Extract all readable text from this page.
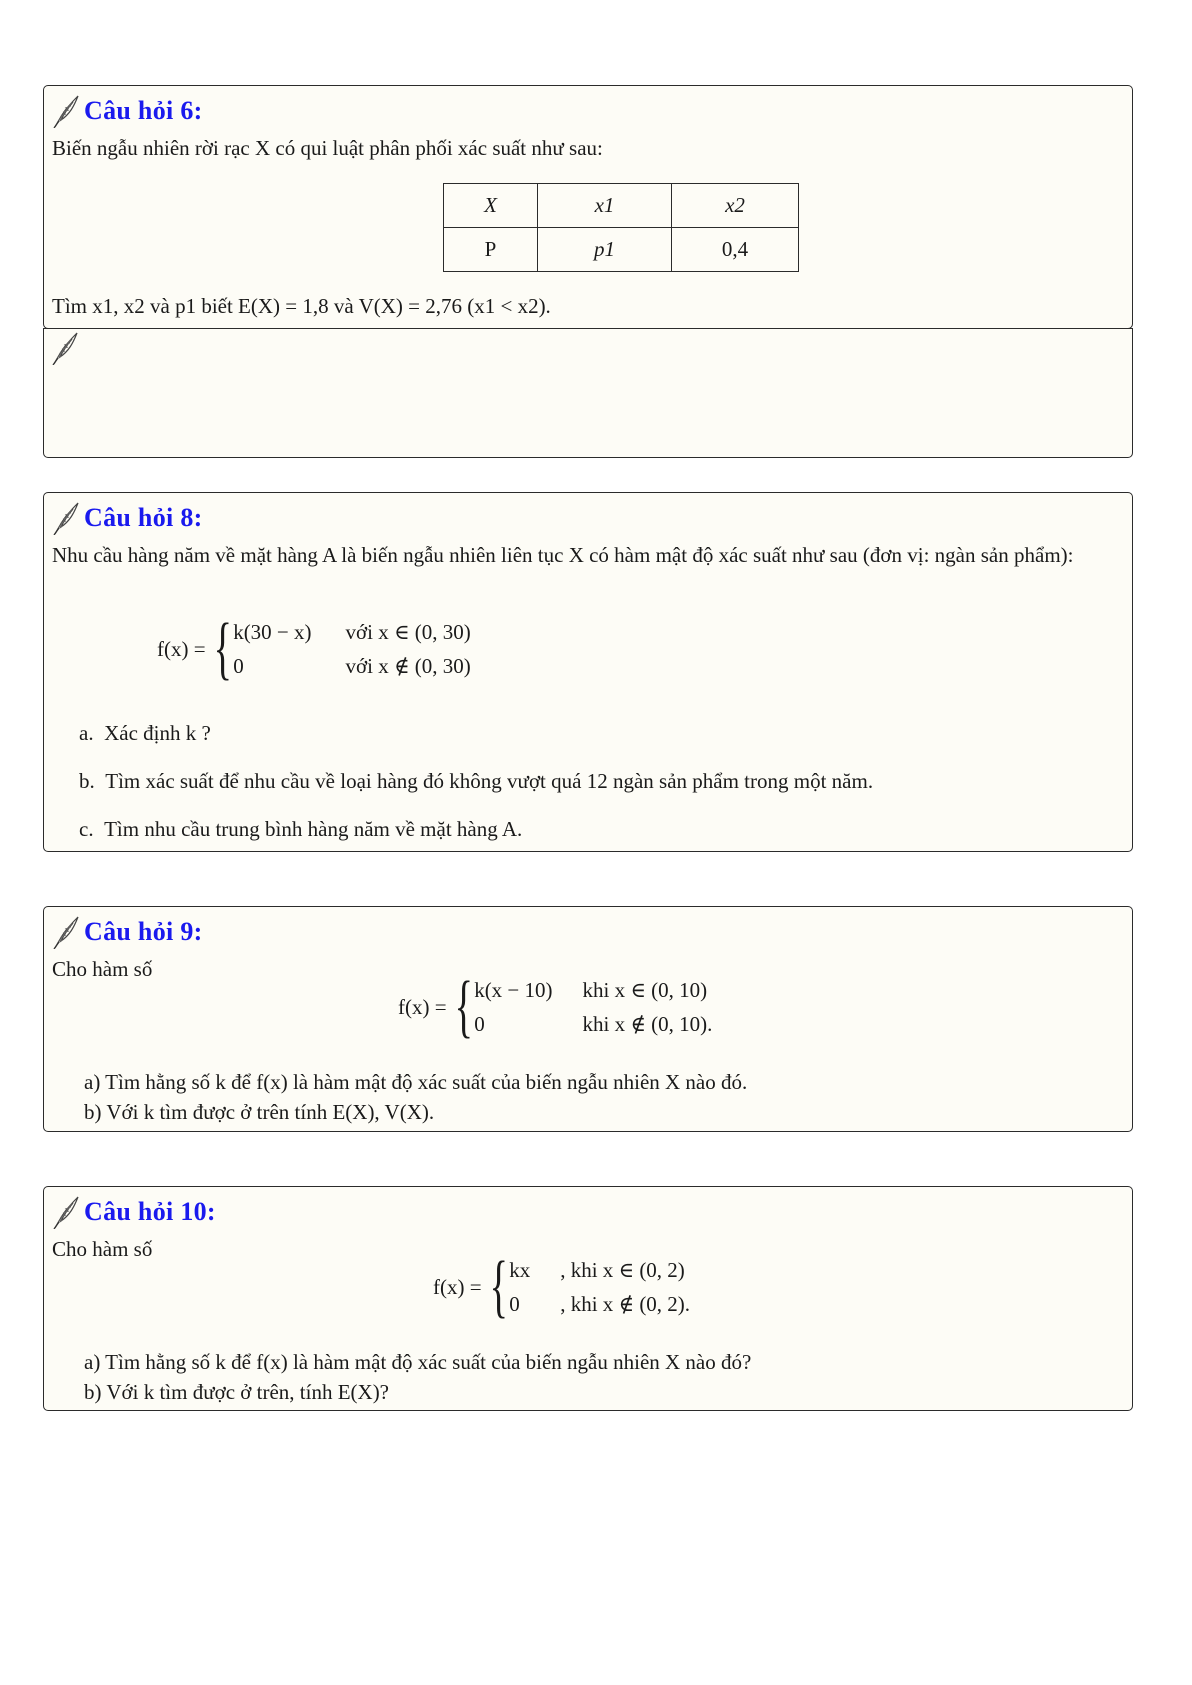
Câu hỏi 6:
Biến ngẫu nhiên rời rạc X có qui luật phân phối xác suất như sau:
X	x1	x2
P	p1	0,4
Tìm x1, x2 và p1 biết E(X) = 1,8 và V(X) = 2,76 (x1 < x2).
Câu hỏi 8:
Nhu cầu hàng năm về mặt hàng A là biến ngẫu nhiên liên tục X có hàm mật độ xác suất như sau (đơn vị: ngàn sản phẩm):
f(x) = { k(30 − x) với x ∈ (0, 30)
0	với x ∉ (0, 30)
a. Xác định k ?
b. Tìm xác suất để nhu cầu về loại hàng đó không vượt quá 12 ngàn sản phẩm trong một năm.
c. Tìm nhu cầu trung bình hàng năm về mặt hàng A.
Câu hỏi 9:
Cho hàm số
f(x) = { k(x − 10) khi x ∈ (0, 10)
0	khi x ∉ (0, 10).
a) Tìm hằng số k để f(x) là hàm mật độ xác suất của biến ngẫu nhiên X nào đó.
b) Với k tìm được ở trên tính E(X), V(X).
Câu hỏi 10:
Cho hàm số
f(x) = { kx , khi x ∈ (0, 2)
0	, khi x ∉ (0, 2).
a) Tìm hằng số k để f(x) là hàm mật độ xác suất của biến ngẫu nhiên X nào đó?
b) Với k tìm được ở trên, tính E(X)?
